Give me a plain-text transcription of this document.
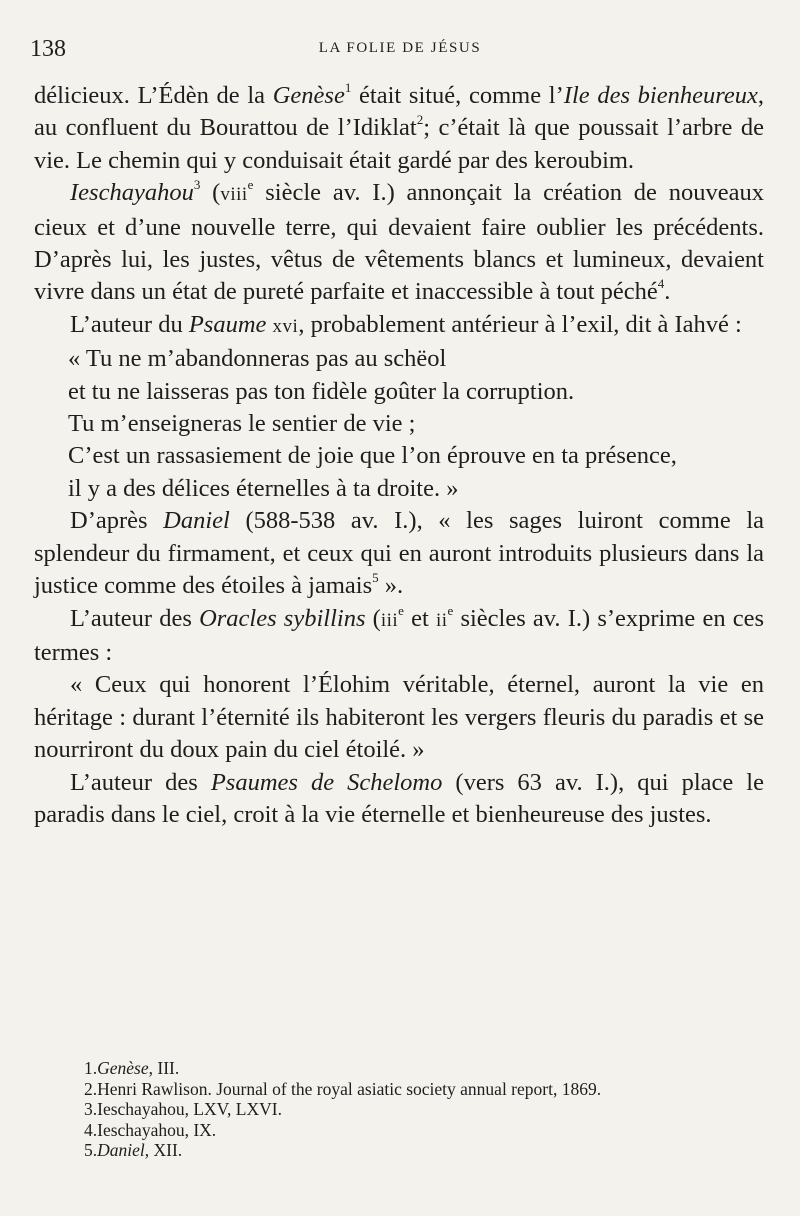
138	LA FOLIE DE JÉSUS

délicieux. L’Édèn de la Genèse$^1$ était situé, comme l’Ile des bienheureux, au confluent du Bourattou de l’Idiklat$^2$; c’était là que poussait l’arbre de vie. Le chemin qui y conduisait était gardé par des keroubim.

Ieschayahou$^3$ (viii$^e$ siècle av. I.) annonçait la création de nouveaux cieux et d’une nouvelle terre, qui devaient faire oublier les précédents. D’après lui, les justes, vêtus de vêtements blancs et lumineux, devaient vivre dans un état de pureté parfaite et inaccessible à tout péché$^4$.

L’auteur du Psaume xvi, probablement antérieur à l’exil, dit à Iahvé :

« Tu ne m’abandonneras pas au schëol

et tu ne laisseras pas ton fidèle goûter la corruption.

Tu m’enseigneras le sentier de vie ;

C’est un rassasiement de joie que l’on éprouve en ta présence,

il y a des délices éternelles à ta droite. »

D’après Daniel (588-538 av. I.), « les sages luiront comme la splendeur du firmament, et ceux qui en auront introduits plusieurs dans la justice comme des étoiles à jamais$^5$ ».

L’auteur des Oracles sybillins (iii$^e$ et $ii^e$ siècles av. I.) s’exprime en ces termes :

« Ceux qui honorent l’Élohim véritable, éternel, auront la vie en héritage : durant l’éternité ils habiteront les vergers fleuris du paradis et se nourriront du doux pain du ciel étoilé. »

L’auteur des Psaumes de Schelomo (vers 63 av. I.), qui place le paradis dans le ciel, croit à la vie éternelle et bienheureuse des justes.

1.Genèse, III.

2.Henri Rawlison. Journal of the royal asiatic society annual report, 1869.

3.Ieschayahou, LXV, LXVI.

4.Ieschayahou, IX.

5.Daniel, XII.
